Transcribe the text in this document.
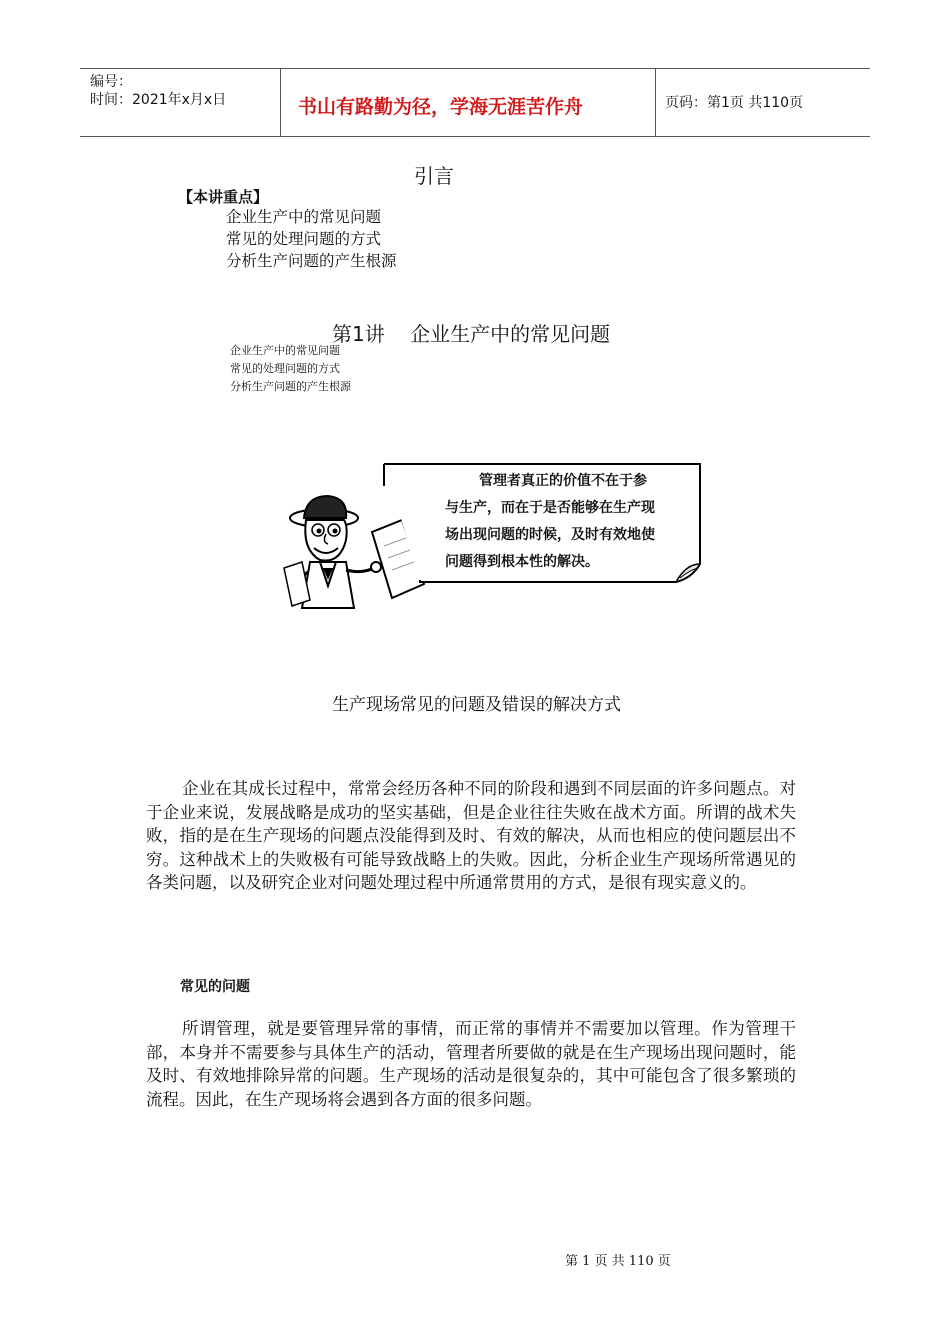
编号：
时间：2021年x月x日	书山有路勤为径，学海无涯苦作舟	页码：第1页 共110页
引言
【本讲重点】
企业生产中的常见问题
常见的处理问题的方式
分析生产问题的产生根源
第1讲    企业生产中的常见问题
企业生产中的常见问题
常见的处理问题的方式
分析生产问题的产生根源
管理者真正的价值不在于参
与生产，而在于是否能够在生产现
场出现问题的时候，及时有效地使
问题得到根本性的解决。
生产现场常见的问题及错误的解决方式
企业在其成长过程中，常常会经历各种不同的阶段和遇到不同层面的许多问题点。对于企业来说，发展战略是成功的坚实基础，但是企业往往失败在战术方面。所谓的战术失败，指的是在生产现场的问题点没能得到及时、有效的解决，从而也相应的使问题层出不穷。这种战术上的失败极有可能导致战略上的失败。因此，分析企业生产现场所常遇见的各类问题，以及研究企业对问题处理过程中所通常贯用的方式，是很有现实意义的。
常见的问题
所谓管理，就是要管理异常的事情，而正常的事情并不需要加以管理。作为管理干部，本身并不需要参与具体生产的活动，管理者所要做的就是在生产现场出现问题时，能及时、有效地排除异常的问题。生产现场的活动是很复杂的，其中可能包含了很多繁琐的流程。因此，在生产现场将会遇到各方面的很多问题。
第 1 页 共 110 页
